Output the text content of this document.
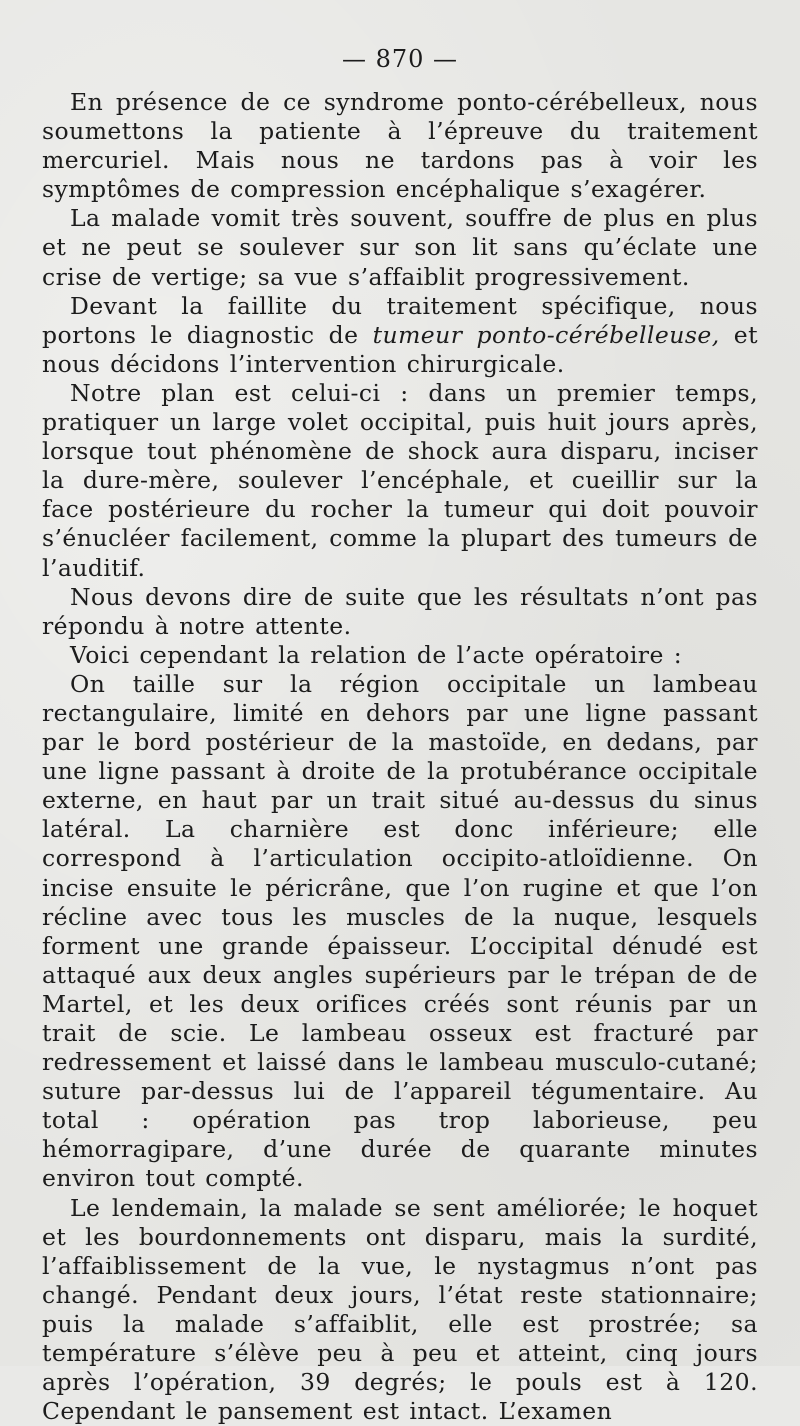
— 870 —

En présence de ce syndrome ponto-cérébelleux, nous soumettons la patiente à l’épreuve du traitement mercuriel. Mais nous ne tardons pas à voir les symptômes de compression encéphalique s’exagérer.

La malade vomit très souvent, souffre de plus en plus et ne peut se soulever sur son lit sans qu’éclate une crise de vertige; sa vue s’affaiblit progressivement.

Devant la faillite du traitement spécifique, nous portons le diagnostic de tumeur ponto-cérébelleuse, et nous décidons l’intervention chirurgicale.

Notre plan est celui-ci : dans un premier temps, pratiquer un large volet occipital, puis huit jours après, lorsque tout phénomène de shock aura disparu, inciser la dure-mère, soulever l’encéphale, et cueillir sur la face postérieure du rocher la tumeur qui doit pouvoir s’énucléer facilement, comme la plupart des tumeurs de l’auditif.

Nous devons dire de suite que les résultats n’ont pas répondu à notre attente.

Voici cependant la relation de l’acte opératoire :

On taille sur la région occipitale un lambeau rectangulaire, limité en dehors par une ligne passant par le bord postérieur de la mastoïde, en dedans, par une ligne passant à droite de la protubérance occipitale externe, en haut par un trait situé au-dessus du sinus latéral. La charnière est donc inférieure; elle correspond à l’articulation occipito-atloïdienne. On incise ensuite le péricrâne, que l’on rugine et que l’on récline avec tous les muscles de la nuque, lesquels forment une grande épaisseur. L’occipital dénudé est attaqué aux deux angles supérieurs par le trépan de de Martel, et les deux orifices créés sont réunis par un trait de scie. Le lambeau osseux est fracturé par redressement et laissé dans le lambeau musculo-cutané; suture par-dessus lui de l’appareil tégumentaire. Au total : opération pas trop laborieuse, peu hémorragipare, d’une durée de quarante minutes environ tout compté.

Le lendemain, la malade se sent améliorée; le hoquet et les bourdonnements ont disparu, mais la surdité, l’affaiblissement de la vue, le nystagmus n’ont pas changé. Pendant deux jours, l’état reste stationnaire; puis la malade s’affaiblit, elle est prostrée; sa température s’élève peu à peu et atteint, cinq jours après l’opération, 39 degrés; le pouls est à 120. Cependant le pansement est intact. L’examen
